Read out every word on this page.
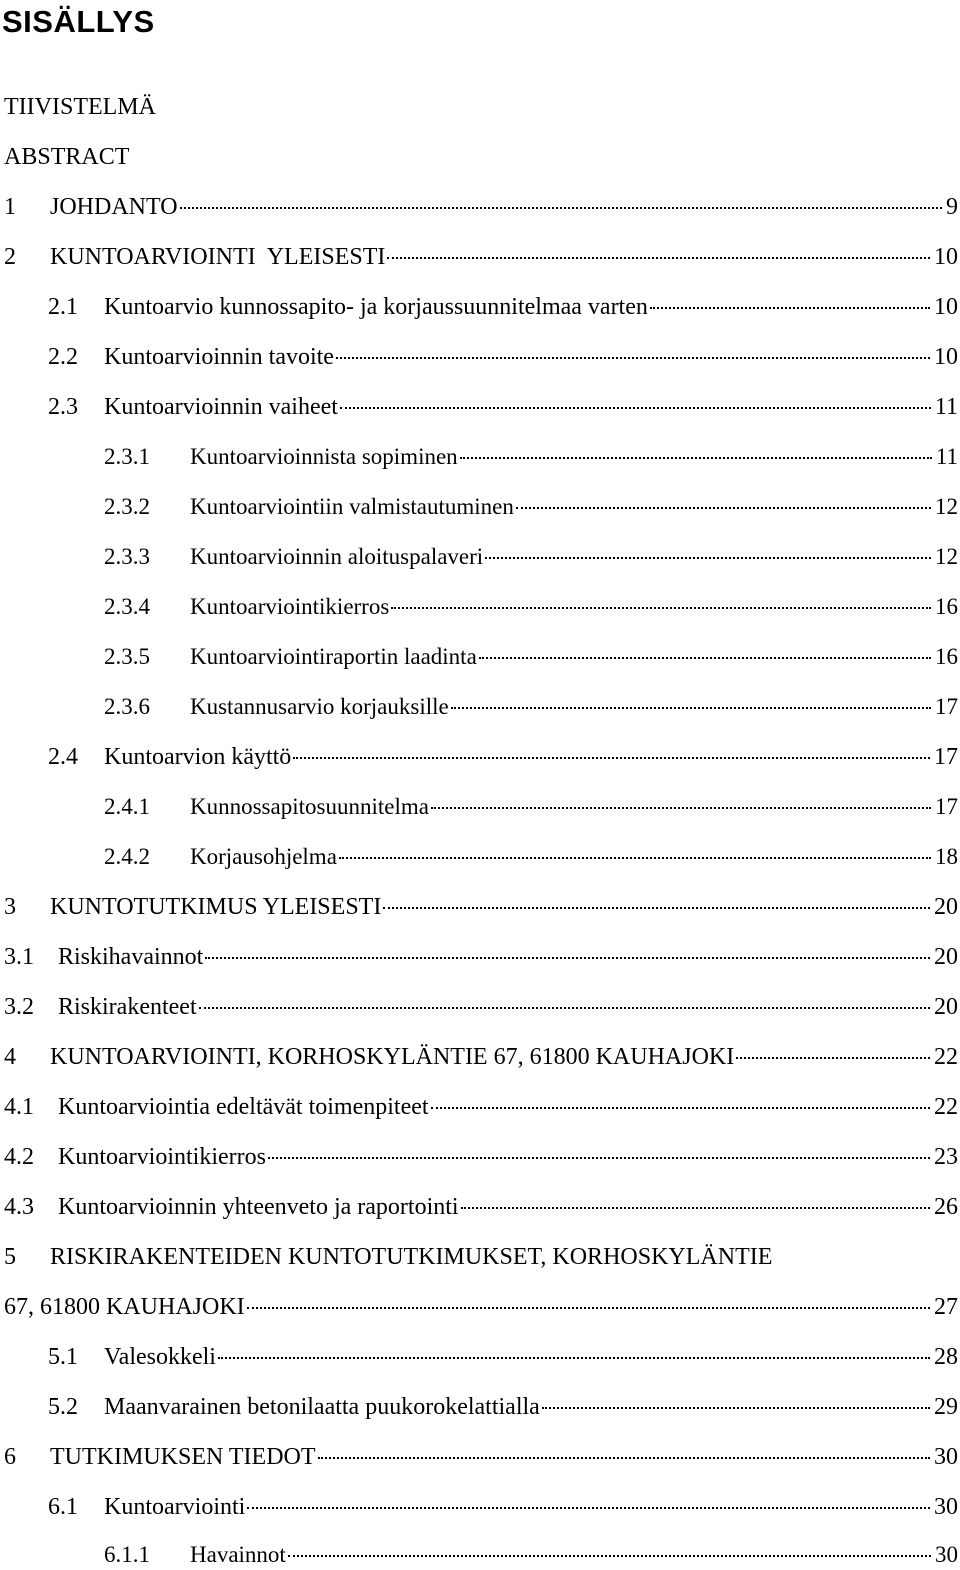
SISÄLLYS
TIIVISTELMÄ
ABSTRACT
1	JOHDANTO	9
2	KUNTOARVIOINTI  YLEISESTI	10
2.1	Kuntoarvio kunnossapito- ja korjaussuunnitelmaa varten	10
2.2	Kuntoarvioinnin tavoite	10
2.3	Kuntoarvioinnin vaiheet	11
2.3.1	Kuntoarvioinnista sopiminen	11
2.3.2	Kuntoarviointiin valmistautuminen	12
2.3.3	Kuntoarvioinnin aloituspalaveri	12
2.3.4	Kuntoarviointikierros	16
2.3.5	Kuntoarviointiraportin laadinta	16
2.3.6	Kustannusarvio korjauksille	17
2.4	Kuntoarvion käyttö	17
2.4.1	Kunnossapitosuunnitelma	17
2.4.2	Korjausohjelma	18
3	KUNTOTUTKIMUS YLEISESTI	20
3.1	Riskihavainnot	20
3.2	Riskirakenteet	20
4	KUNTOARVIOINTI, KORHOSKYLÄNTIE 67, 61800 KAUHAJOKI	22
4.1	Kuntoarviointia edeltävät toimenpiteet	22
4.2	Kuntoarviointikierros	23
4.3	Kuntoarvioinnin yhteenveto ja raportointi	26
5 RISKIRAKENTEIDEN KUNTOTUTKIMUKSET, KORHOSKYLÄNTIE
67, 61800 KAUHAJOKI	27
5.1	Valesokkeli	28
5.2	Maanvarainen betonilaatta puukorokelattialla	29
6	TUTKIMUKSEN TIEDOT	30
6.1	Kuntoarviointi	30
6.1.1	Havainnot	30
